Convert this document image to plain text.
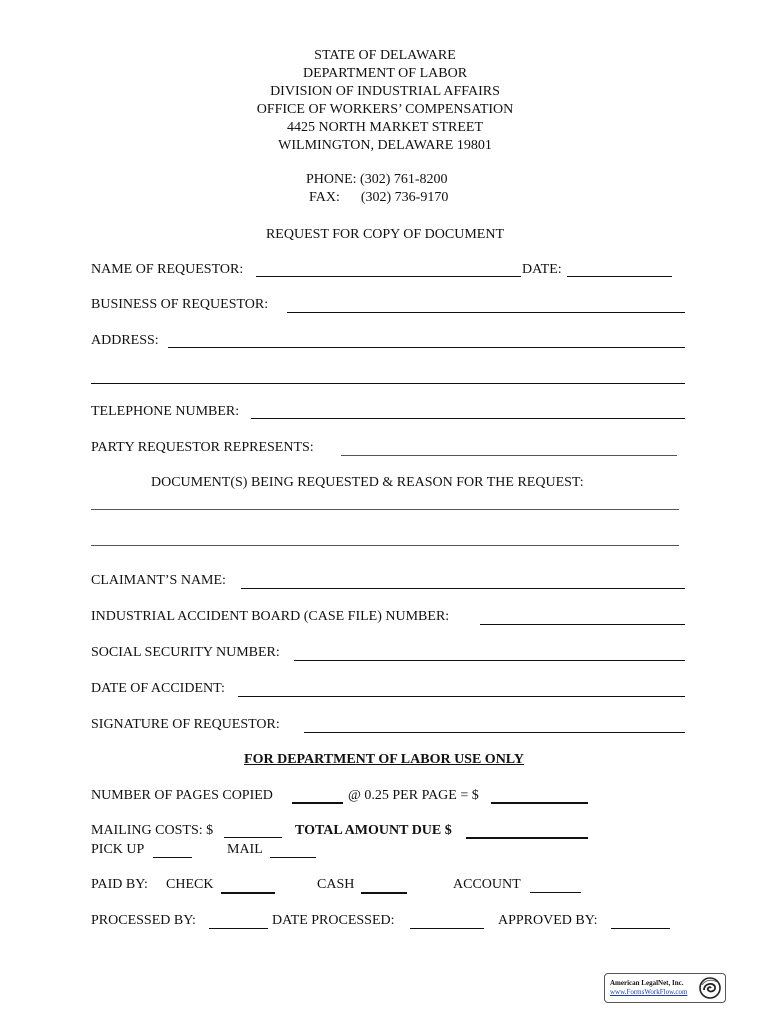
STATE OF DELAWARE
DEPARTMENT OF LABOR
DIVISION OF INDUSTRIAL AFFAIRS
OFFICE OF WORKERS’ COMPENSATION
4425 NORTH MARKET STREET
WILMINGTON, DELAWARE 19801
PHONE: (302) 761-8200
FAX:      (302) 736-9170
REQUEST FOR COPY OF DOCUMENT
NAME OF REQUESTOR:	DATE:
BUSINESS OF REQUESTOR:
ADDRESS:
TELEPHONE NUMBER:
PARTY REQUESTOR REPRESENTS:
DOCUMENT(S) BEING REQUESTED & REASON FOR THE REQUEST:
CLAIMANT’S NAME:
INDUSTRIAL ACCIDENT BOARD (CASE FILE) NUMBER:
SOCIAL SECURITY NUMBER:
DATE OF ACCIDENT:
SIGNATURE OF REQUESTOR:
FOR DEPARTMENT OF LABOR USE ONLY
NUMBER OF PAGES COPIED	@ 0.25 PER PAGE = $
MAILING COSTS: $	TOTAL AMOUNT DUE $
PICK UP	MAIL
PAID BY: CHECK	CASH	ACCOUNT
PROCESSED BY:	DATE PROCESSED:	APPROVED BY:
American LegalNet, Inc.
www.FormsWorkFlow.com
